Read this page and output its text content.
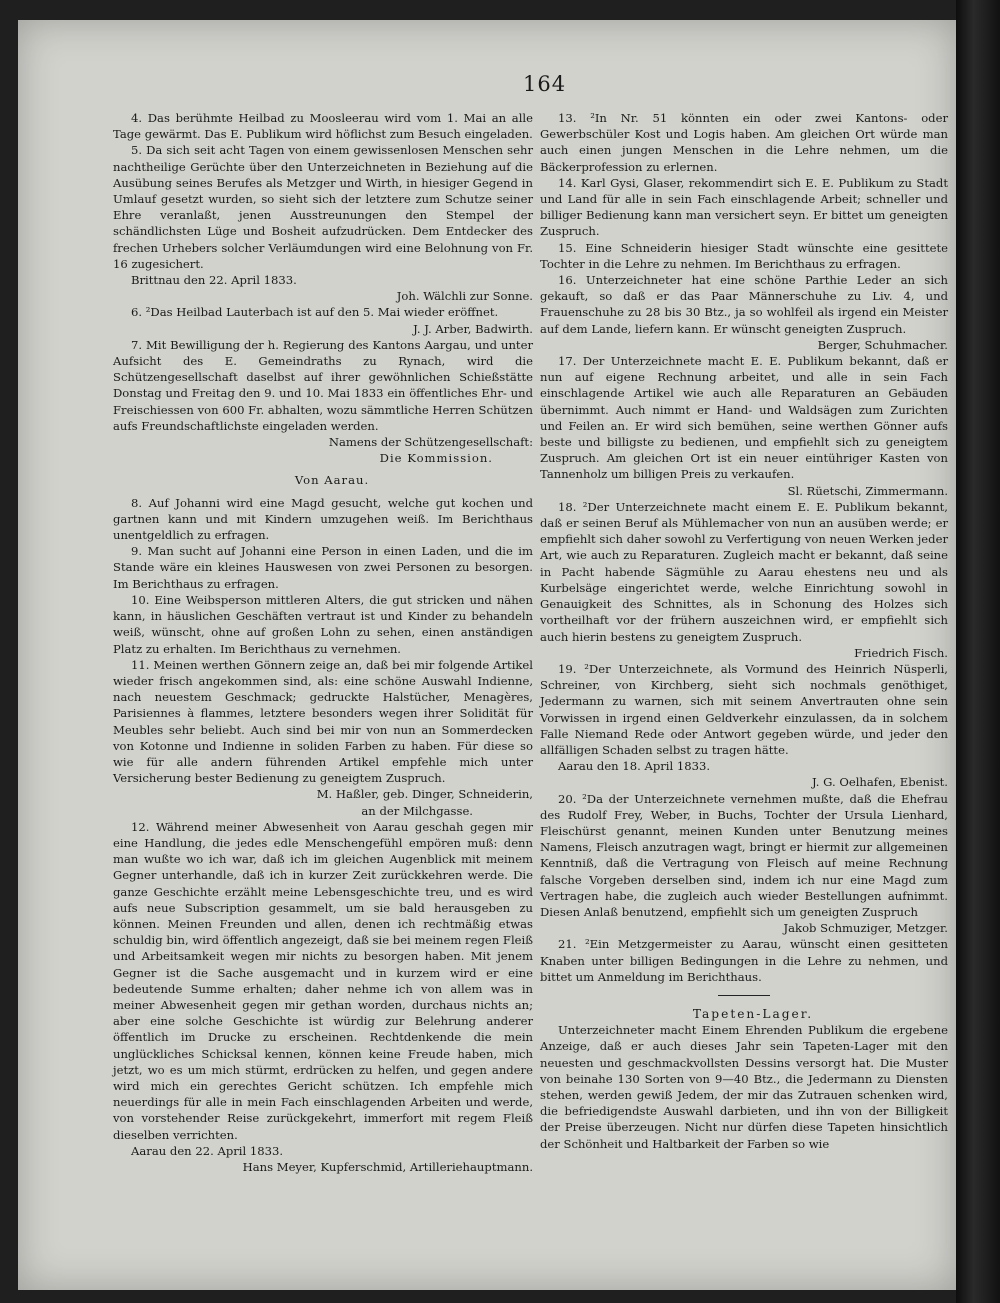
164

4. Das berühmte Heilbad zu Moosleerau wird vom 1. Mai an alle Tage gewärmt. Das E. Publikum wird höflichst zum Besuch eingeladen.

5. Da sich seit acht Tagen von einem gewissenlosen Menschen sehr nachtheilige Gerüchte über den Unterzeichneten in Beziehung auf die Ausübung seines Berufes als Metzger und Wirth, in hiesiger Gegend in Umlauf gesetzt wurden, so sieht sich der letztere zum Schutze seiner Ehre veranlaßt, jenen Ausstreunungen den Stempel der schändlichsten Lüge und Bosheit aufzudrücken. Dem Entdecker des frechen Urhebers solcher Verläumdungen wird eine Belohnung von Fr. 16 zugesichert.

Brittnau den 22. April 1833.

Joh. Wälchli zur Sonne.

6. ²Das Heilbad Lauterbach ist auf den 5. Mai wieder eröffnet.

J. J. Arber, Badwirth.

7. Mit Bewilligung der h. Regierung des Kantons Aargau, und unter Aufsicht des E. Gemeindraths zu Rynach, wird die Schützengesellschaft daselbst auf ihrer gewöhnlichen Schießstätte Donstag und Freitag den 9. und 10. Mai 1833 ein öffentliches Ehr- und Freischiessen von 600 Fr. abhalten, wozu sämmtliche Herren Schützen aufs Freundschaftlichste eingeladen werden.

Namens der Schützengesellschaft:

Die Kommission.

Von Aarau.

8. Auf Johanni wird eine Magd gesucht, welche gut kochen und gartnen kann und mit Kindern umzugehen weiß. Im Berichthaus unentgeldlich zu erfragen.

9. Man sucht auf Johanni eine Person in einen Laden, und die im Stande wäre ein kleines Hauswesen von zwei Personen zu besorgen. Im Berichthaus zu erfragen.

10. Eine Weibsperson mittleren Alters, die gut stricken und nähen kann, in häuslichen Geschäften vertraut ist und Kinder zu behandeln weiß, wünscht, ohne auf großen Lohn zu sehen, einen anständigen Platz zu erhalten. Im Berichthaus zu vernehmen.

11. Meinen werthen Gönnern zeige an, daß bei mir folgende Artikel wieder frisch angekommen sind, als: eine schöne Auswahl Indienne, nach neuestem Geschmack; gedruckte Halstücher, Menagères, Parisiennes à flammes, letztere besonders wegen ihrer Solidität für Meubles sehr beliebt. Auch sind bei mir von nun an Sommerdecken von Kotonne und Indienne in soliden Farben zu haben. Für diese so wie für alle andern führenden Artikel empfehle mich unter Versicherung bester Bedienung zu geneigtem Zuspruch.

M. Haßler, geb. Dinger, Schneiderin,

an der Milchgasse.

12. Während meiner Abwesenheit von Aarau geschah gegen mir eine Handlung, die jedes edle Menschengefühl empören muß: denn man wußte wo ich war, daß ich im gleichen Augenblick mit meinem Gegner unterhandle, daß ich in kurzer Zeit zurückkehren werde. Die ganze Geschichte erzählt meine Lebensgeschichte treu, und es wird aufs neue Subscription gesammelt, um sie bald herausgeben zu können. Meinen Freunden und allen, denen ich rechtmäßig etwas schuldig bin, wird öffentlich angezeigt, daß sie bei meinem regen Fleiß und Arbeitsamkeit wegen mir nichts zu besorgen haben. Mit jenem Gegner ist die Sache ausgemacht und in kurzem wird er eine bedeutende Summe erhalten; daher nehme ich von allem was in meiner Abwesenheit gegen mir gethan worden, durchaus nichts an; aber eine solche Geschichte ist würdig zur Belehrung anderer öffentlich im Drucke zu erscheinen. Rechtdenkende die mein unglückliches Schicksal kennen, können keine Freude haben, mich jetzt, wo es um mich stürmt, erdrücken zu helfen, und gegen andere wird mich ein gerechtes Gericht schützen. Ich empfehle mich neuerdings für alle in mein Fach einschlagenden Arbeiten und werde, von vorstehender Reise zurückgekehrt, immerfort mit regem Fleiß dieselben verrichten.

Aarau den 22. April 1833.

Hans Meyer, Kupferschmid, Artilleriehauptmann.

13. ²In Nr. 51 könnten ein oder zwei Kantons- oder Gewerbschüler Kost und Logis haben. Am gleichen Ort würde man auch einen jungen Menschen in die Lehre nehmen, um die Bäckerprofession zu erlernen.

14. Karl Gysi, Glaser, rekommendirt sich E. E. Publikum zu Stadt und Land für alle in sein Fach einschlagende Arbeit; schneller und billiger Bedienung kann man versichert seyn. Er bittet um geneigten Zuspruch.

15. Eine Schneiderin hiesiger Stadt wünschte eine gesittete Tochter in die Lehre zu nehmen. Im Berichthaus zu erfragen.

16. Unterzeichneter hat eine schöne Parthie Leder an sich gekauft, so daß er das Paar Männerschuhe zu Liv. 4, und Frauenschuhe zu 28 bis 30 Btz., ja so wohlfeil als irgend ein Meister auf dem Lande, liefern kann. Er wünscht geneigten Zuspruch.

Berger, Schuhmacher.

17. Der Unterzeichnete macht E. E. Publikum bekannt, daß er nun auf eigene Rechnung arbeitet, und alle in sein Fach einschlagende Artikel wie auch alle Reparaturen an Gebäuden übernimmt. Auch nimmt er Hand- und Waldsägen zum Zurichten und Feilen an. Er wird sich bemühen, seine werthen Gönner aufs beste und billigste zu bedienen, und empfiehlt sich zu geneigtem Zuspruch. Am gleichen Ort ist ein neuer eintühriger Kasten von Tannenholz um billigen Preis zu verkaufen.

Sl. Rüetschi, Zimmermann.

18. ²Der Unterzeichnete macht einem E. E. Publikum bekannt, daß er seinen Beruf als Mühlemacher von nun an ausüben werde; er empfiehlt sich daher sowohl zu Verfertigung von neuen Werken jeder Art, wie auch zu Reparaturen. Zugleich macht er bekannt, daß seine in Pacht habende Sägmühle zu Aarau ehestens neu und als Kurbelsäge eingerichtet werde, welche Einrichtung sowohl in Genauigkeit des Schnittes, als in Schonung des Holzes sich vortheilhaft vor der frühern auszeichnen wird, er empfiehlt sich auch hierin bestens zu geneigtem Zuspruch.

Friedrich Fisch.

19. ²Der Unterzeichnete, als Vormund des Heinrich Nüsperli, Schreiner, von Kirchberg, sieht sich nochmals genöthiget, Jedermann zu warnen, sich mit seinem Anvertrauten ohne sein Vorwissen in irgend einen Geldverkehr einzulassen, da in solchem Falle Niemand Rede oder Antwort gegeben würde, und jeder den allfälligen Schaden selbst zu tragen hätte.

Aarau den 18. April 1833.

J. G. Oelhafen, Ebenist.

20. ²Da der Unterzeichnete vernehmen mußte, daß die Ehefrau des Rudolf Frey, Weber, in Buchs, Tochter der Ursula Lienhard, Fleischürst genannt, meinen Kunden unter Benutzung meines Namens, Fleisch anzutragen wagt, bringt er hiermit zur allgemeinen Kenntniß, daß die Vertragung von Fleisch auf meine Rechnung falsche Vorgeben derselben sind, indem ich nur eine Magd zum Vertragen habe, die zugleich auch wieder Bestellungen aufnimmt. Diesen Anlaß benutzend, empfiehlt sich um geneigten Zuspruch

Jakob Schmuziger, Metzger.

21. ²Ein Metzgermeister zu Aarau, wünscht einen gesitteten Knaben unter billigen Bedingungen in die Lehre zu nehmen, und bittet um Anmeldung im Berichthaus.

Tapeten-Lager.

Unterzeichneter macht Einem Ehrenden Publikum die ergebene Anzeige, daß er auch dieses Jahr sein Tapeten-Lager mit den neuesten und geschmackvollsten Dessins versorgt hat. Die Muster von beinahe 130 Sorten von 9—40 Btz., die Jedermann zu Diensten stehen, werden gewiß Jedem, der mir das Zutrauen schenken wird, die befriedigendste Auswahl darbieten, und ihn von der Billigkeit der Preise überzeugen. Nicht nur dürfen diese Tapeten hinsichtlich der Schönheit und Haltbarkeit der Farben so wie
